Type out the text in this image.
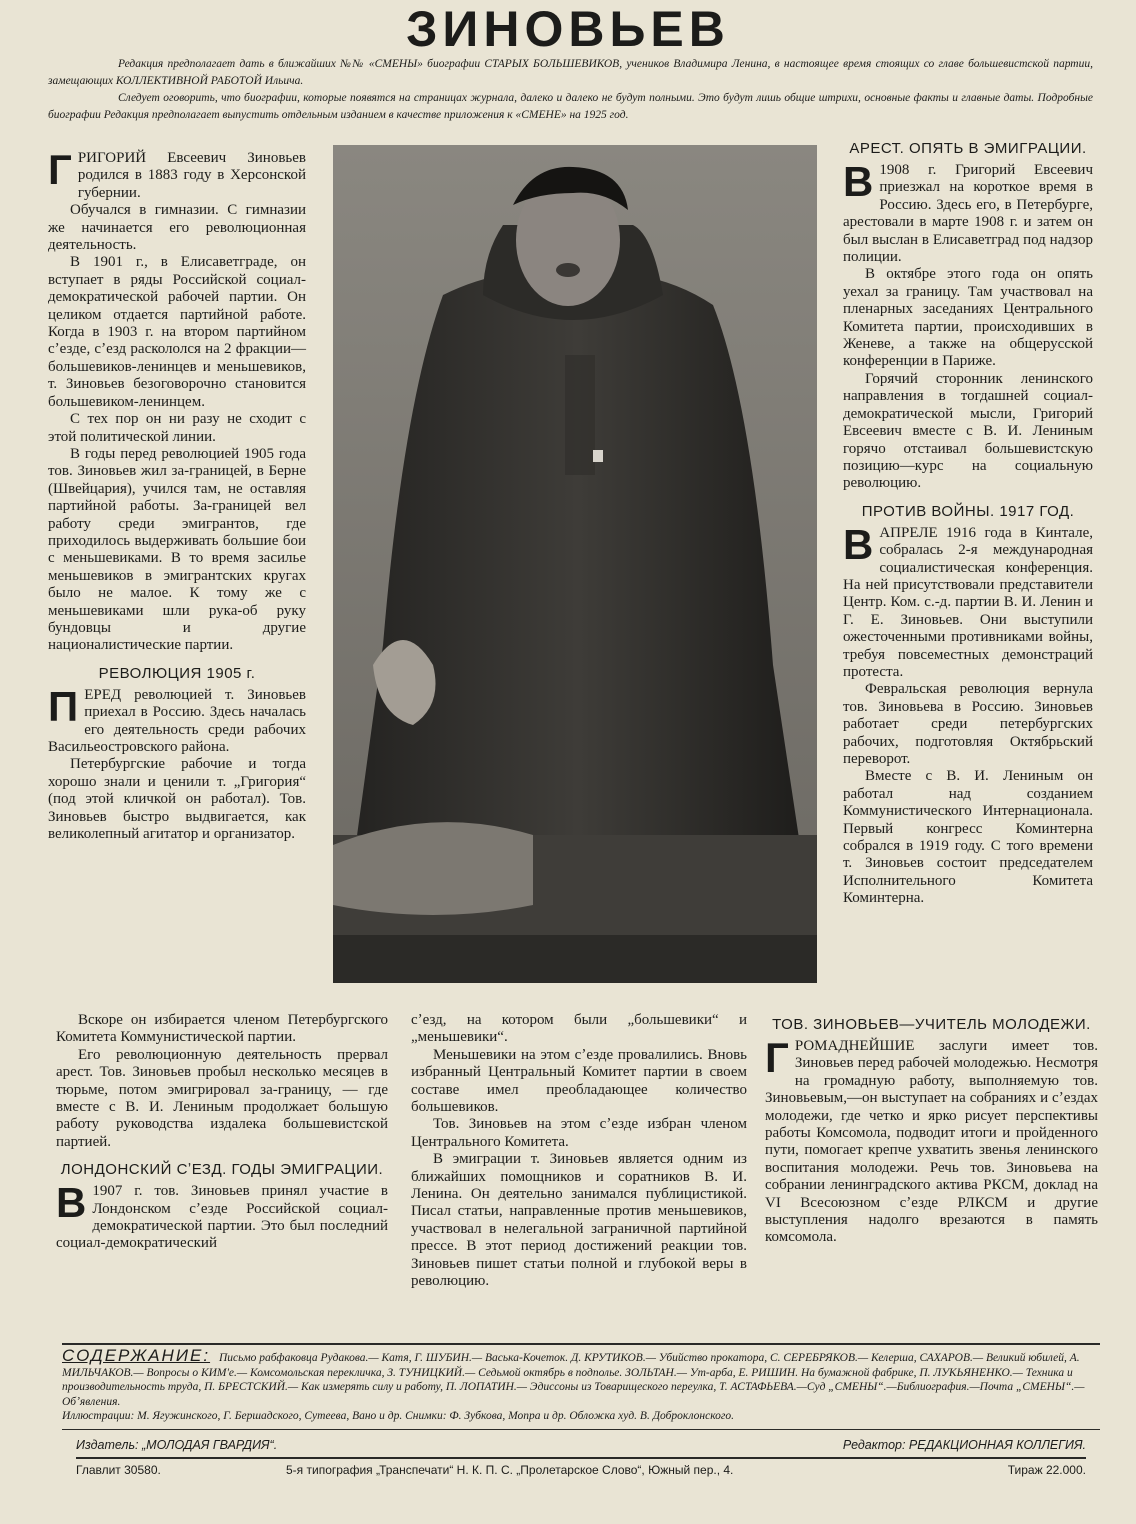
ЗИНОВЬЕВ

Редакция предполагает дать в ближайших №№ «СМЕНЫ» биографии СТАРЫХ БОЛЬШЕВИКОВ, учеников Владимира Ленина, в настоящее время стоящих со главе большевистской партии, замещающих КОЛЛЕКТИВНОЙ РАБОТОЙ Ильича.

Следует оговорить, что биографии, которые появятся на страницах журнала, далеко и далеко не будут полными. Это будут лишь общие штрихи, основные факты и главные даты. Подробные биографии Редакция предполагает выпустить отдельным изданием в качестве приложения к «СМЕНЕ» на 1925 год.

ГРИГОРИЙ Евсеевич Зиновьев родился в 1883 году в Херсонской губернии.

Обучался в гимназии. С гимназии же начинается его революционная деятельность.

В 1901 г., в Елисаветграде, он вступает в ряды Российской социал-демократической рабочей партии. Он целиком отдается партийной работе. Когда в 1903 г. на втором партийном сʼезде, сʼезд раскололся на 2 фракции—большевиков-ленинцев и меньшевиков, т. Зиновьев безоговорочно становится большевиком-ленинцем.

С тех пор он ни разу не сходит с этой политической линии.

В годы перед революцией 1905 года тов. Зиновьев жил за-границей, в Берне (Швейцария), учился там, не оставляя партийной работы. За-границей вел работу среди эмигрантов, где приходилось выдерживать большие бои с меньшевиками. В то время засилье меньшевиков в эмигрантских кругах было не малое. К тому же с меньшевиками шли рука-об руку бундовцы и другие националистические партии.

РЕВОЛЮЦИЯ 1905 г.

ПЕРЕД революцией т. Зиновьев приехал в Россию. Здесь началась его деятельность среди рабочих Васильеостровского района.

Петербургские рабочие и тогда хорошо знали и ценили т. „Григория“ (под этой кличкой он работал). Тов. Зиновьев быстро выдвигается, как великолепный агитатор и организатор.

Вскоре он избирается членом Петербургского Комитета Коммунистической партии.

Его революционную деятельность прервал арест. Тов. Зиновьев пробыл несколько месяцев в тюрьме, потом эмигрировал за-границу, — где вместе с В. И. Лениным продолжает большую работу руководства издалека большевистской партией.

ЛОНДОНСКИЙ СʼЕЗД. ГОДЫ ЭМИГРАЦИИ.

В 1907 г. тов. Зиновьев принял участие в Лондонском сʼезде Российской социал-демократической партии. Это был последний социал-демократический

сʼезд, на котором были „большевики“ и „меньшевики“.

Меньшевики на этом сʼезде провалились. Вновь избранный Центральный Комитет партии в своем составе имел преобладающее количество большевиков.

Тов. Зиновьев на этом сʼезде избран членом Центрального Комитета.

В эмиграции т. Зиновьев является одним из ближайших помощников и соратников В. И. Ленина. Он деятельно занимался публицистикой. Писал статьи, направленные против меньшевиков, участвовал в нелегальной заграничной партийной прессе. В этот период достижений реакции тов. Зиновьев пишет статьи полной и глубокой веры в революцию.

АРЕСТ. ОПЯТЬ В ЭМИГРАЦИИ.

В 1908 г. Григорий Евсеевич приезжал на короткое время в Россию. Здесь его, в Петербурге, арестовали в марте 1908 г. и затем он был выслан в Елисаветград под надзор полиции.

В октябре этого года он опять уехал за границу. Там участвовал на пленарных заседаниях Центрального Комитета партии, происходивших в Женеве, а также на общерусской конференции в Париже.

Горячий сторонник ленинского направления в тогдашней социал-демократической мысли, Григорий Евсеевич вместе с В. И. Лениным горячо отстаивал большевистскую позицию—курс на социальную революцию.

ПРОТИВ ВОЙНЫ. 1917 ГОД.

ВАПРЕЛЕ 1916 года в Кинтале, собралась 2-я международная социалистическая конференция. На ней присутствовали представители Центр. Ком. с.-д. партии В. И. Ленин и Г. Е. Зиновьев. Они выступили ожесточенными противниками войны, требуя повсеместных демонстраций протеста.

Февральская революция вернула тов. Зиновьева в Россию. Зиновьев работает среди петербургских рабочих, подготовляя Октябрьский переворот.

Вместе с В. И. Лениным он работал над созданием Коммунистического Интернационала. Первый конгресс Коминтерна собрался в 1919 году. С того времени т. Зиновьев состоит председателем Исполнительного Комитета Коминтерна.

ТОВ. ЗИНОВЬЕВ—УЧИТЕЛЬ МОЛОДЕЖИ.

ГРОМАДНЕЙШИЕ заслуги имеет тов. Зиновьев перед рабочей молодежью. Несмотря на громадную работу, выполняемую тов. Зиновьевым,—он выступает на собраниях и сʼездах молодежи, где четко и ярко рисует перспективы работы Комсомола, подводит итоги и пройденного пути, помогает крепче ухватить звенья ленинского воспитания молодежи. Речь тов. Зиновьева на собрании ленинградского актива РКСМ, доклад на VI Всесоюзном сʼезде РЛКСМ и другие выступления надолго врезаются в память комсомола.

СОДЕРЖАНИЕ: Письмо рабфаковца Рудакова.— Катя, Г. ШУБИН.— Васька-Кочеток. Д. КРУТИКОВ.— Убийство прокатора, С. СЕРЕБРЯКОВ.— Келерша, САХАРОВ.— Великий юбилей, А. МИЛЬЧАКОВ.— Вопросы о КИМ'е.— Комсомольская перекличка, З. ТУНИЦКИЙ.— Седьмой октябрь в подполье. ЗОЛЬТАН.— Ут-арба, Е. РИШИН. На бумажной фабрике, П. ЛУКЬЯНЕНКО.— Техника и производительность труда, П. БРЕСТСКИЙ.— Как измерять силу и работу, П. ЛОПАТИН.— Эдиссоны из Товарищеского переулка, Т. АСТАФЬЕВА.—Суд „СМЕНЫ“.—Библиография.—Почта „СМЕНЫ“.—Обʼявления.
Иллюстрации: М. Ягужинского, Г. Бершадского, Сутеева, Вано и др. Снимки: Ф. Зубкова, Мопра и др. Обложка худ. В. Доброклонского.
Издатель: „МОЛОДАЯ ГВАРДИЯ“.	Редактор: РЕДАКЦИОННАЯ КОЛЛЕГИЯ.
Главлит 30580.	5-я типография „Транспечати“ Н. К. П. С. „Пролетарское Слово“, Южный пер., 4.	Тираж 22.000.
